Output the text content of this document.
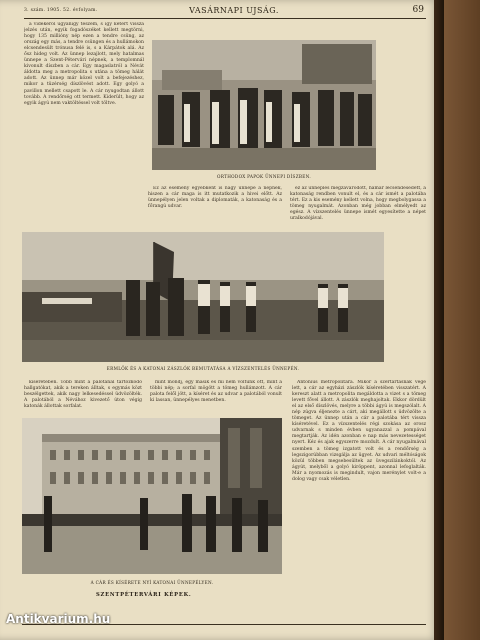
3. szám. 1905. 52. évfolyam.	VASÁRNAPI UJSÁG.	69

a vidékeről ugyanígy teszem, s így kétért vissza jelzés után, egyik fogadószéket kellett megtörni, hogy 135 millióny nép ezen a tendre csüng, az ország egy más, a tendre csüngen és a hullámokon elcsendesült trónusa felé is, s a Kárpátok alá. Az ősz hideg volt. Az ünnep lezajlott, mely hatalmas ünnepe a Szent-Pétervári népnek, a templomnál kivonult díszben a cár. Egy magaslatról a Névát áldotta meg a metropolita s utána a tömeg hálát adott. Az ünnep már közel volt a befejezéshez, mikor a tüzérség díszlövést adott. Egy golyó a pavillon mellett csapott le. A cár nyugodtan állott tovább. A rendőrség ott termett. Kiderült, hogy az egyik ágyú nem vaktöltéssel volt töltve.

ORTHODOX PAPOK ÜNNEPI DÍSZBEN.

Ez az esemény egyébként is nagy ünnepe a népnek, hiszen a cár maga is itt mutatkozik a hivei előtt. Az ünnepélyen jelen voltak a diplomaták, a katonaság és a főrangú udvar.

ez az ünneplés megzavarodott, hamar lecsendesedett, a katonaság rendben vonult el, és a cár ismét a palotába tért. Ez a kis esemény kellett volna, hogy megbolygassa a tömeg nyugalmát. Azonban még jobban elmélyedt az egész. A vízszentelés ünnepe ismét egyesítette a népet uralkodójával.

ERMLŐK ÉS A KATONAI ZÁSZLÓK BEMUTATÁSA A VÍZSZENTELÉS ÜNNEPÉN.

kíséretében. Több mint a palotánál tartózkodó hallgatókat, akik a tereken álltak, s egymás közt beszélgettek, akik nagy lelkesedéssel üdvözölték. A palotából a Névához kivezető úton végig katonák állottak sorfalat.

mint mondj, egy másik és mi nem voltunk ott, mint a többi nép; a sorfal mögött a tömeg hullámzott. A cár palota felől jött, a kíséret és az udvar a palotából vonult ki lassan, ünnepélyes menetben.

Antonius metropolitára. Mikor a szertartásnak vége lett, a cár az egyházi zászlók kíséretében visszatért. A kereszt alatt a metropolita megáldotta a vizet s a tömeg levett fővel állott. A zászlók meghajoltak. Ekkor dördült el az első díszlövés, melyre a többi ágyú is megszólalt. A nép zúgva éljenezte a cárt, aki megállott s üdvözölte a tömeget. Az ünnep után a cár a palotába tért vissza kíséretével. Ez a vízszentelés régi szokása az orosz udvarnak s minden évben ugyanazzal a pompával megtartják. Az idén azonban e nap más nevezetességet nyert. Kéz és ajak egyszerre mozdult. A cár nyugalmával szemben a tömeg izgatott volt és a rendőrség a legszigorúbban vizsgálja az ügyet. Az udvari méltóságok közül többen megsebesültek az üvegszilánkoktól. Az ágyút, melyből a golyó kiröppent, azonnal lefoglalták. Már a nyomozás is megindult, vajon merénylet volt-e a dolog vagy csak véletlen.

A CÁR ÉS KÍSÉRETE NYÍ KATONAI ÜNNEPÉLYEN.
SZENTPÉTERVÁRI KÉPEK.
Antikvarium.hu
